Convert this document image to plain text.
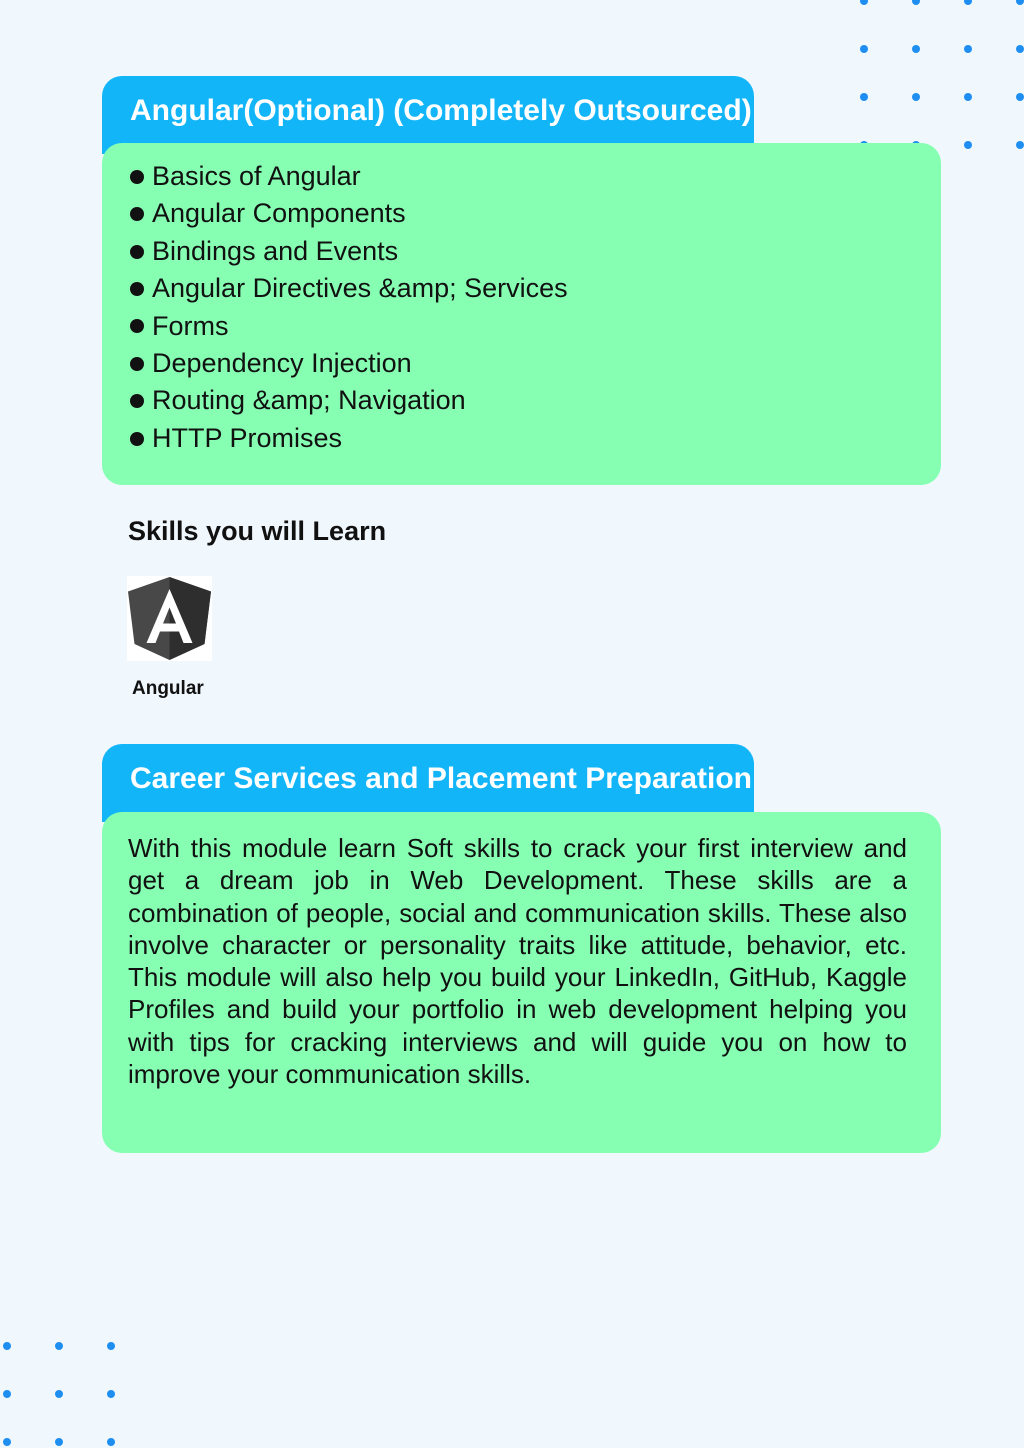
Angular(Optional) (Completely Outsourced)
Basics of Angular
Angular Components
Bindings and Events
Angular Directives &amp; Services
Forms
Dependency Injection
Routing &amp; Navigation
HTTP Promises
Skills you will Learn
Angular
Career Services and Placement Preparation

With this module learn Soft skills to crack your first interview and get a dream job in Web Development. These skills are a combination of people, social and communication skills. These also involve character or personality traits like attitude, behavior, etc. This module will also help you build your LinkedIn, GitHub, Kaggle Profiles and build your portfolio in web development helping you with tips for cracking interviews and will guide you on how to improve your communication skills.
